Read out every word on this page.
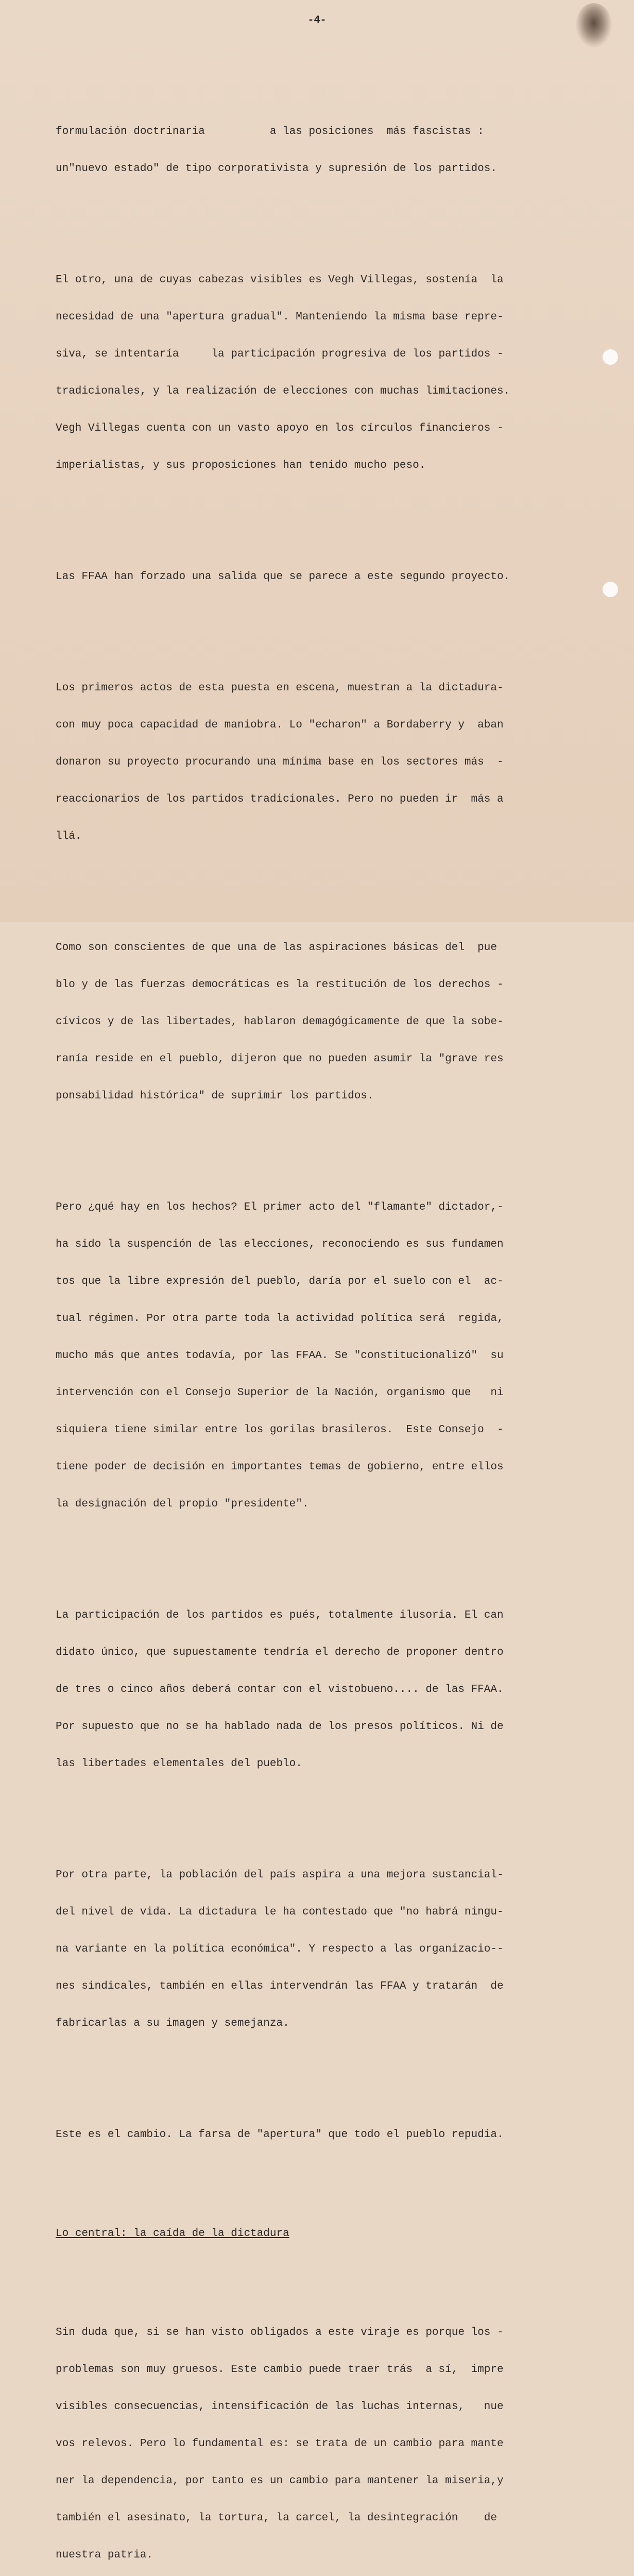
-4-

formulación doctrinaria          a las posiciones  más fascistas :

un"nuevo estado" de tipo corporativista y supresión de los partidos.

El otro, una de cuyas cabezas visibles es Vegh Villegas, sostenía  la

necesidad de una "apertura gradual". Manteniendo la misma base repre-

siva, se intentaría     la participación progresiva de los partidos -

tradicionales, y la realización de elecciones con muchas limitaciones.

Vegh Villegas cuenta con un vasto apoyo en los círculos financieros -

imperialistas, y sus proposiciones han tenido mucho peso.

Las FFAA han forzado una salida que se parece a este segundo proyecto.

Los primeros actos de esta puesta en escena, muestran a la dictadura-

con muy poca capacidad de maniobra. Lo "echaron" a Bordaberry y  aban

donaron su proyecto procurando una mínima base en los sectores más  -

reaccionarios de los partidos tradicionales. Pero no pueden ir  más a

llá.

Como son conscientes de que una de las aspiraciones básicas del  pue

blo y de las fuerzas democráticas es la restitución de los derechos -

cívicos y de las libertades, hablaron demagógicamente de que la sobe-

ranía reside en el pueblo, dijeron que no pueden asumir la "grave res

ponsabilidad histórica" de suprimir los partidos.

Pero ¿qué hay en los hechos? El primer acto del "flamante" dictador,-

ha sido la suspención de las elecciones, reconociendo es sus fundamen

tos que la libre expresión del pueblo, daría por el suelo con el  ac-

tual régimen. Por otra parte toda la actividad política será  regida,

mucho más que antes todavía, por las FFAA. Se "constitucionalizó"  su

intervención con el Consejo Superior de la Nación, organismo que   ni

siquiera tiene similar entre los gorilas brasileros.  Este Consejo  -

tiene poder de decisión en importantes temas de gobierno, entre ellos

la designación del propio "presidente".

La participación de los partidos es pués, totalmente ilusoria. El can

didato único, que supuestamente tendría el derecho de proponer dentro

de tres o cinco años deberá contar con el vistobueno.... de las FFAA.

Por supuesto que no se ha hablado nada de los presos políticos. Ni de

las libertades elementales del pueblo.

Por otra parte, la población del país aspira a una mejora sustancial-

del nivel de vida. La dictadura le ha contestado que "no habrá ningu-

na variante en la política económica". Y respecto a las organizacio--

nes sindicales, también en ellas intervendrán las FFAA y tratarán  de

fabricarlas a su imagen y semejanza.

Este es el cambio. La farsa de "apertura" que todo el pueblo repudia.

Lo central: la caída de la dictadura

Sin duda que, si se han visto obligados a este viraje es porque los -

problemas son muy gruesos. Este cambio puede traer trás  a sí,  impre

visibles consecuencias, intensificación de las luchas internas,   nue

vos relevos. Pero lo fundamental es: se trata de un cambio para mante

ner la dependencia, por tanto es un cambio para mantener la miseria,y

también el asesinato, la tortura, la carcel, la desintegración    de

nuestra patria.
